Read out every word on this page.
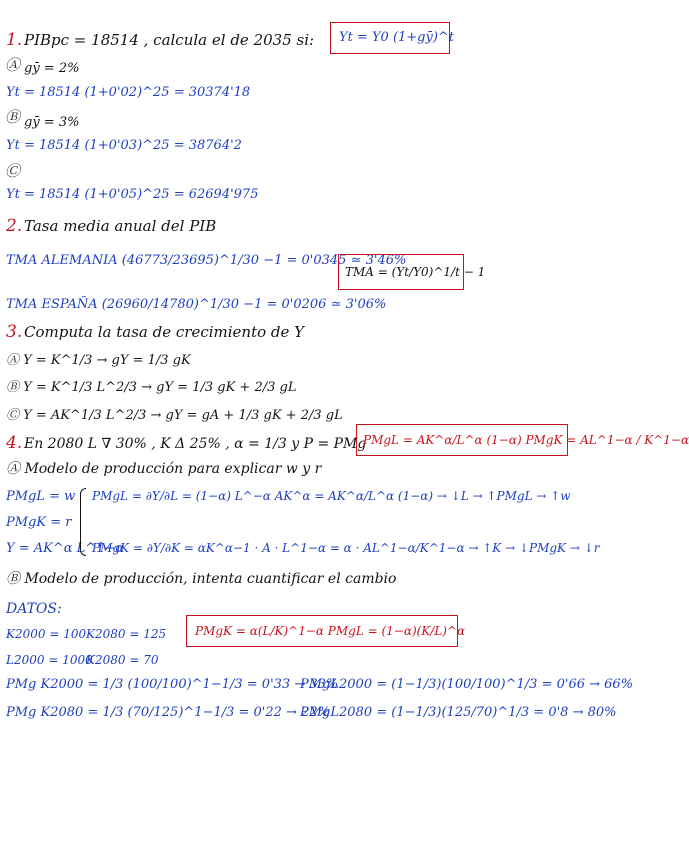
1. PIBpc = 18514 , calcula el de 2035 si: Yt = Y0 (1+gȳ)^t
Ⓐ gȳ = 2%
Yt = 18514 (1+0'02)^25 = 30374'18
Ⓑ gȳ = 3%
Yt = 18514 (1+0'03)^25 = 38764'2
Ⓒ
Yt = 18514 (1+0'05)^25 = 62694'975
2. Tasa media anual del PIB
TMA ALEMANIA (46773/23695)^1/30 −1 = 0'0345 ≃ 3'46%
TMA = (Yt/Y0)^1/t − 1
TMA ESPAÑA (26960/14780)^1/30 −1 = 0'0206 ≃ 3'06%
3. Computa la tasa de crecimiento de Y
Ⓐ Y = K^1/3 → gY = 1/3 gK
Ⓑ Y = K^1/3 L^2/3 → gY = 1/3 gK + 2/3 gL
Ⓒ Y = AK^1/3 L^2/3 → gY = gA + 1/3 gK + 2/3 gL
4. En 2080 L ∇ 30% , K Δ 25% , α = 1/3 y P = PMg
PMgL = AK^α/L^α (1−α) PMgK = AL^1−α / K^1−α
Ⓐ Modelo de producción para explicar w y r
PMgL = w
PMgK = r
Y = AK^α L^1−α
PMgL = ∂Y/∂L = (1−α) L^−α AK^α = AK^α/L^α (1−α) → ↓L → ↑PMgL → ↑w
PMgK = ∂Y/∂K = αK^α−1 · A · L^1−α = α · AL^1−α/K^1−α → ↑K → ↓PMgK → ↓r
Ⓑ Modelo de producción, intenta cuantificar el cambio
DATOS:
K2000 = 100 K2080 = 125
L2000 = 1000
K2080 = 70
PMgK = α(L/K)^1−α PMgL = (1−α)(K/L)^α
PMg K2000 = 1/3 (100/100)^1−1/3 = 0'33 → 33%
PMgL2000 = (1−1/3)(100/100)^1/3 = 0'66 → 66%
PMg K2080 = 1/3 (70/125)^1−1/3 = 0'22 → 22%
PMgL2080 = (1−1/3)(125/70)^1/3 = 0'8 → 80%
